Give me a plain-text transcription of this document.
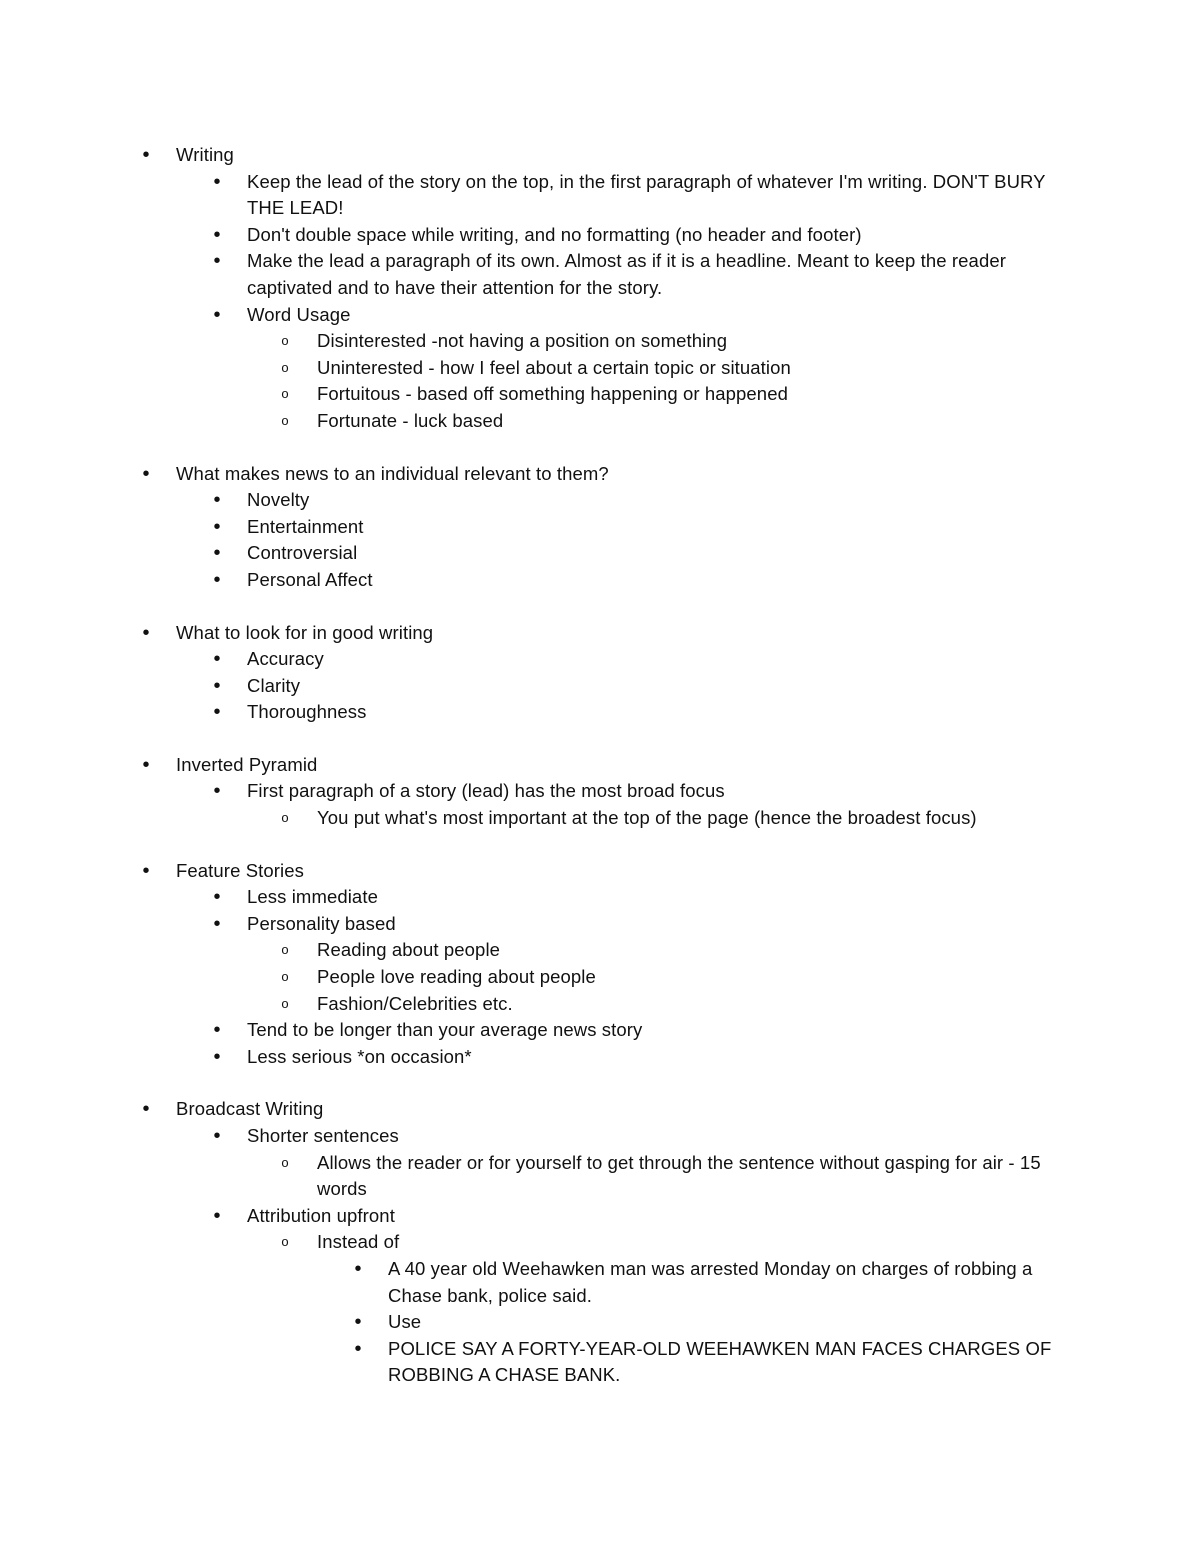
•	Writing
•	Keep the lead of the story on the top, in the first paragraph of whatever I'm writing. DON'T BURY THE LEAD!
•	Don't double space while writing, and no formatting (no header and footer)
•	Make the lead a paragraph of its own. Almost as if it is a headline. Meant to keep the reader captivated and to have their attention for the story.
•	Word Usage
o	Disinterested -not having a position on something
o	Uninterested - how I feel about a certain topic or situation
o	Fortuitous - based off something happening or happened
o	Fortunate - luck based
•	What makes news to an individual relevant to them?
•	Novelty
•	Entertainment
•	Controversial
•	Personal Affect
•	What to look for in good writing
•	Accuracy
•	Clarity
•	Thoroughness
•	Inverted Pyramid
•	First paragraph of a story (lead) has the most broad focus
o	You put what's most important at the top of the page (hence the broadest focus)
•	Feature Stories
•	Less immediate
•	Personality based
o	Reading about people
o	People love reading about people
o	Fashion/Celebrities etc.
•	Tend to be longer than your average news story
•	Less serious *on occasion*
•	Broadcast Writing
•	Shorter sentences
o	Allows the reader or for yourself to get through the sentence without gasping for air - 15 words
•	Attribution upfront
o	Instead of
•	A 40 year old Weehawken man was arrested Monday on charges of robbing a Chase bank, police said.
•	Use
•	POLICE SAY A FORTY-YEAR-OLD WEEHAWKEN MAN FACES CHARGES OF ROBBING A CHASE BANK.
